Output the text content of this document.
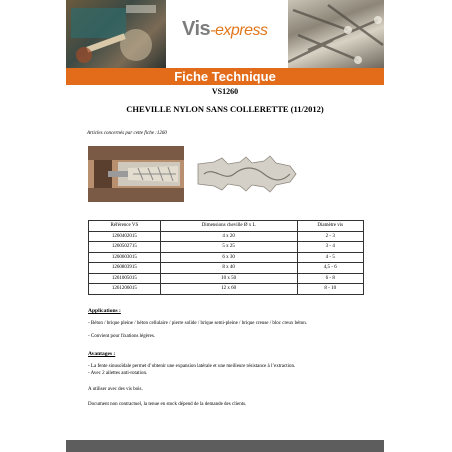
Vis-express
Fiche Technique
VS1260
CHEVILLE NYLON SANS COLLERETTE (11/2012)
Articles concernés par cette fiche :1260
Référence VS	Dimensions cheville Ø x L	Diamètre vis
1260402015	4 x 20	2 - 3
1260502715	5 x 25	3 - 4
1260603015	6 x 30	4 - 5
1260803915	8 x 40	4,5 - 6
1261005015	10 x 50	6 - 8
1261206015	12 x 60	8 - 10
Applications :
- Béton / brique pleine / béton cellulaire / pierre solide / brique semi-pleine / brique creuse / bloc creux béton.
- Convient pour fixations légères.
Avantages :
- La fente sinusoïdale permet d’obtenir une expansion latérale et une meilleure résistance à l’extraction.
- Avec 2 ailettes anti-rotation.
A utiliser avec des vis bois.
Document non contractuel, la tenue en stock dépend de la demande des clients.
